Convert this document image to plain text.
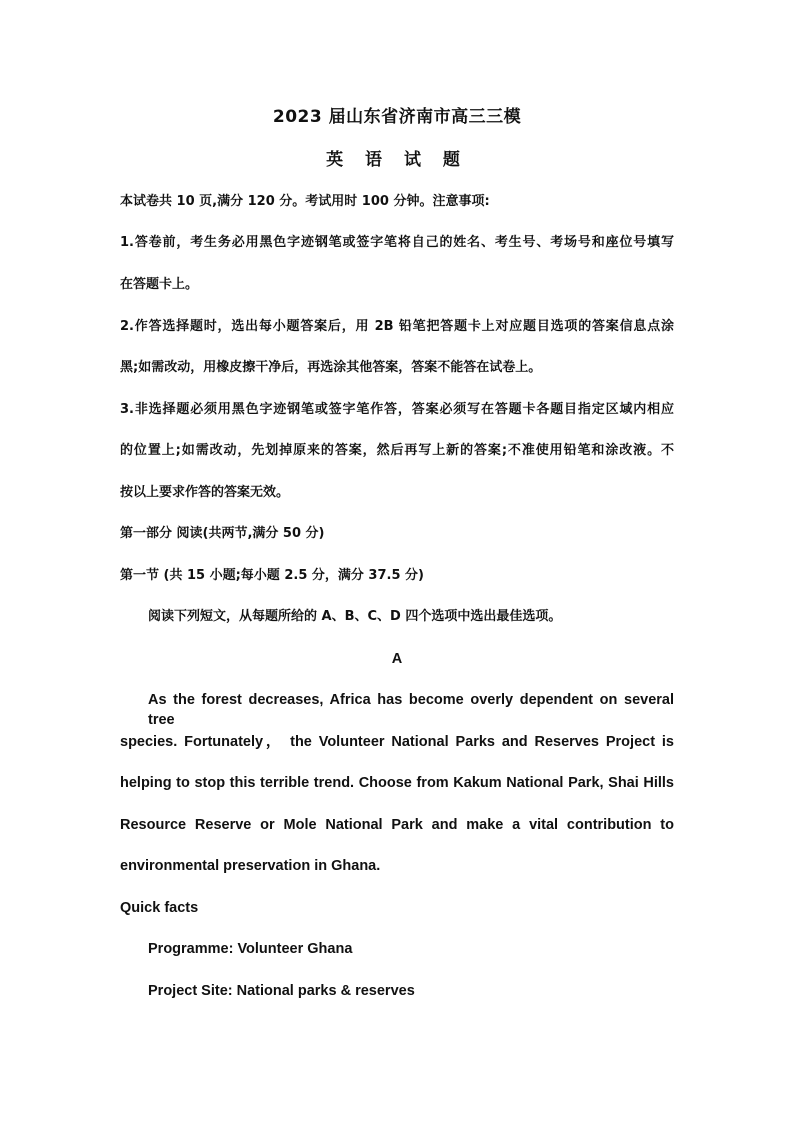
2023 届山东省济南市高三三模
英 语 试 题
本试卷共 10 页,满分 120 分。考试用时 100 分钟。注意事项:
1.答卷前，考生务必用黑色字迹钢笔或签字笔将自己的姓名、考生号、考场号和座位号填写
在答题卡上。
2.作答选择题时，选出每小题答案后，用 2B 铅笔把答题卡上对应题目选项的答案信息点涂
黑;如需改动，用橡皮擦干净后，再选涂其他答案，答案不能答在试卷上。
3.非选择题必须用黑色字迹钢笔或签字笔作答，答案必须写在答题卡各题目指定区域内相应
的位置上;如需改动，先划掉原来的答案，然后再写上新的答案;不准使用铅笔和涂改液。不
按以上要求作答的答案无效。
第一部分 阅读(共两节,满分 50 分)
第一节 (共 15 小题;每小题 2.5 分，满分 37.5 分)
阅读下列短文，从每题所给的 A、B、C、D 四个选项中选出最佳选项。
A
As the forest decreases, Africa has become overly dependent on several tree
species. Fortunately， the Volunteer National Parks and Reserves Project is
helping to stop this terrible trend. Choose from Kakum National Park, Shai Hills
Resource Reserve or Mole National Park and make a vital contribution to
environmental preservation in Ghana.
Quick facts
Programme: Volunteer Ghana
Project Site: National parks & reserves
